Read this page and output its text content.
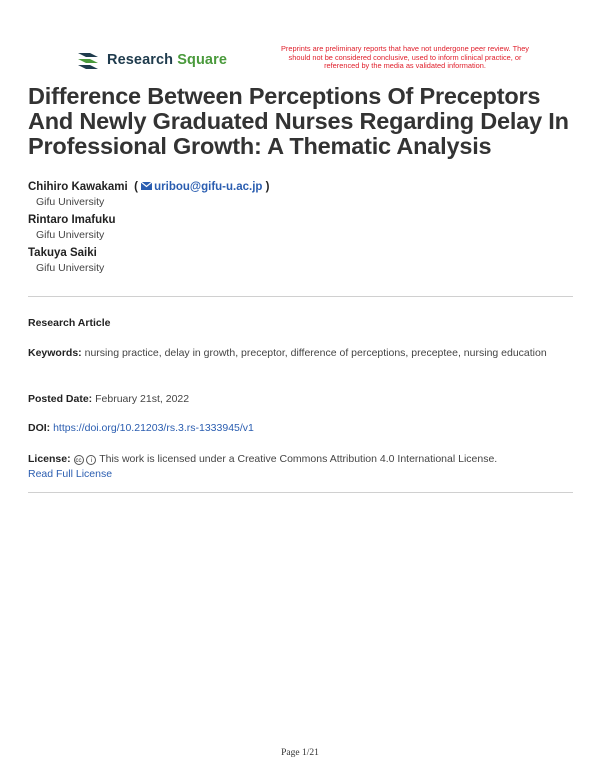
Research Square
Preprints are preliminary reports that have not undergone peer review. They should not be considered conclusive, used to inform clinical practice, or referenced by the media as validated information.
Difference Between Perceptions Of Preceptors And Newly Graduated Nurses Regarding Delay In Professional Growth: A Thematic Analysis
Chihiro Kawakami  ( uribou@gifu-u.ac.jp )
Gifu University
Rintaro Imafuku
Gifu University
Takuya Saiki
Gifu University
Research Article
Keywords: nursing practice, delay in growth, preceptor, difference of perceptions, preceptee, nursing education
Posted Date: February 21st, 2022
DOI: https://doi.org/10.21203/rs.3.rs-1333945/v1
License: cc i This work is licensed under a Creative Commons Attribution 4.0 International License.
Read Full License
Page 1/21
